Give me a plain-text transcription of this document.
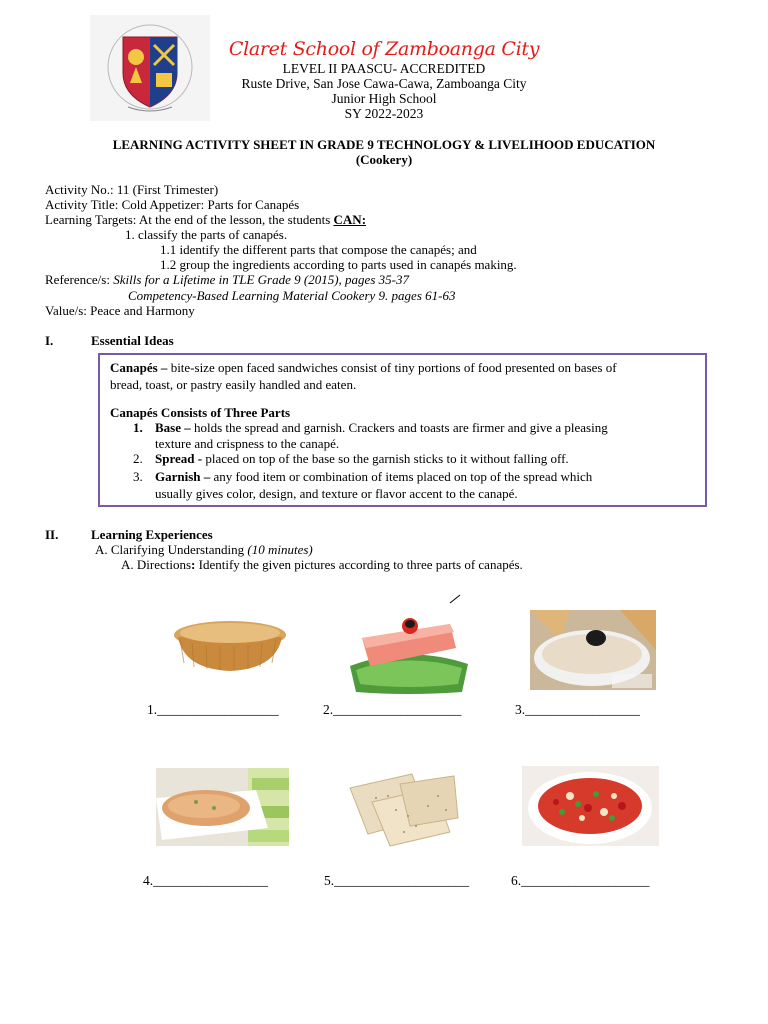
Claret School of Zamboanga City
LEVEL II PAASCU- ACCREDITED
Ruste Drive, San Jose Cawa-Cawa, Zamboanga City
Junior High School
SY 2022-2023
LEARNING ACTIVITY SHEET IN GRADE 9 TECHNOLOGY & LIVELIHOOD EDUCATION
(Cookery)
Activity No.: 11 (First Trimester)
Activity Title: Cold Appetizer: Parts for Canapés
Learning Targets: At the end of the lesson, the students CAN:
1. classify the parts of canapés.
1.1 identify the different parts that compose the canapés; and
1.2 group the ingredients according to parts used in canapés making.
Reference/s: Skills for a Lifetime in TLE Grade 9 (2015), pages 35-37
Competency-Based Learning Material Cookery 9. pages 61-63
Value/s: Peace and Harmony
I.	Essential Ideas
Canapés – bite-size open faced sandwiches consist of tiny portions of food presented on bases of
bread, toast, or pastry easily handled and eaten.
Canapés Consists of Three Parts
1. Base – holds the spread and garnish. Crackers and toasts are firmer and give a pleasing
texture and crispness to the canapé.
2. Spread - placed on top of the base so the garnish sticks to it without falling off.
3. Garnish – any food item or combination of items placed on top of the spread which
usually gives color, design, and texture or flavor accent to the canapé.
II.	Learning Experiences
A. Clarifying Understanding (10 minutes)
A. Directions: Identify the given pictures according to three parts of canapés.
1.__________________	2.___________________	3._________________
4._________________	5.____________________	6.___________________
